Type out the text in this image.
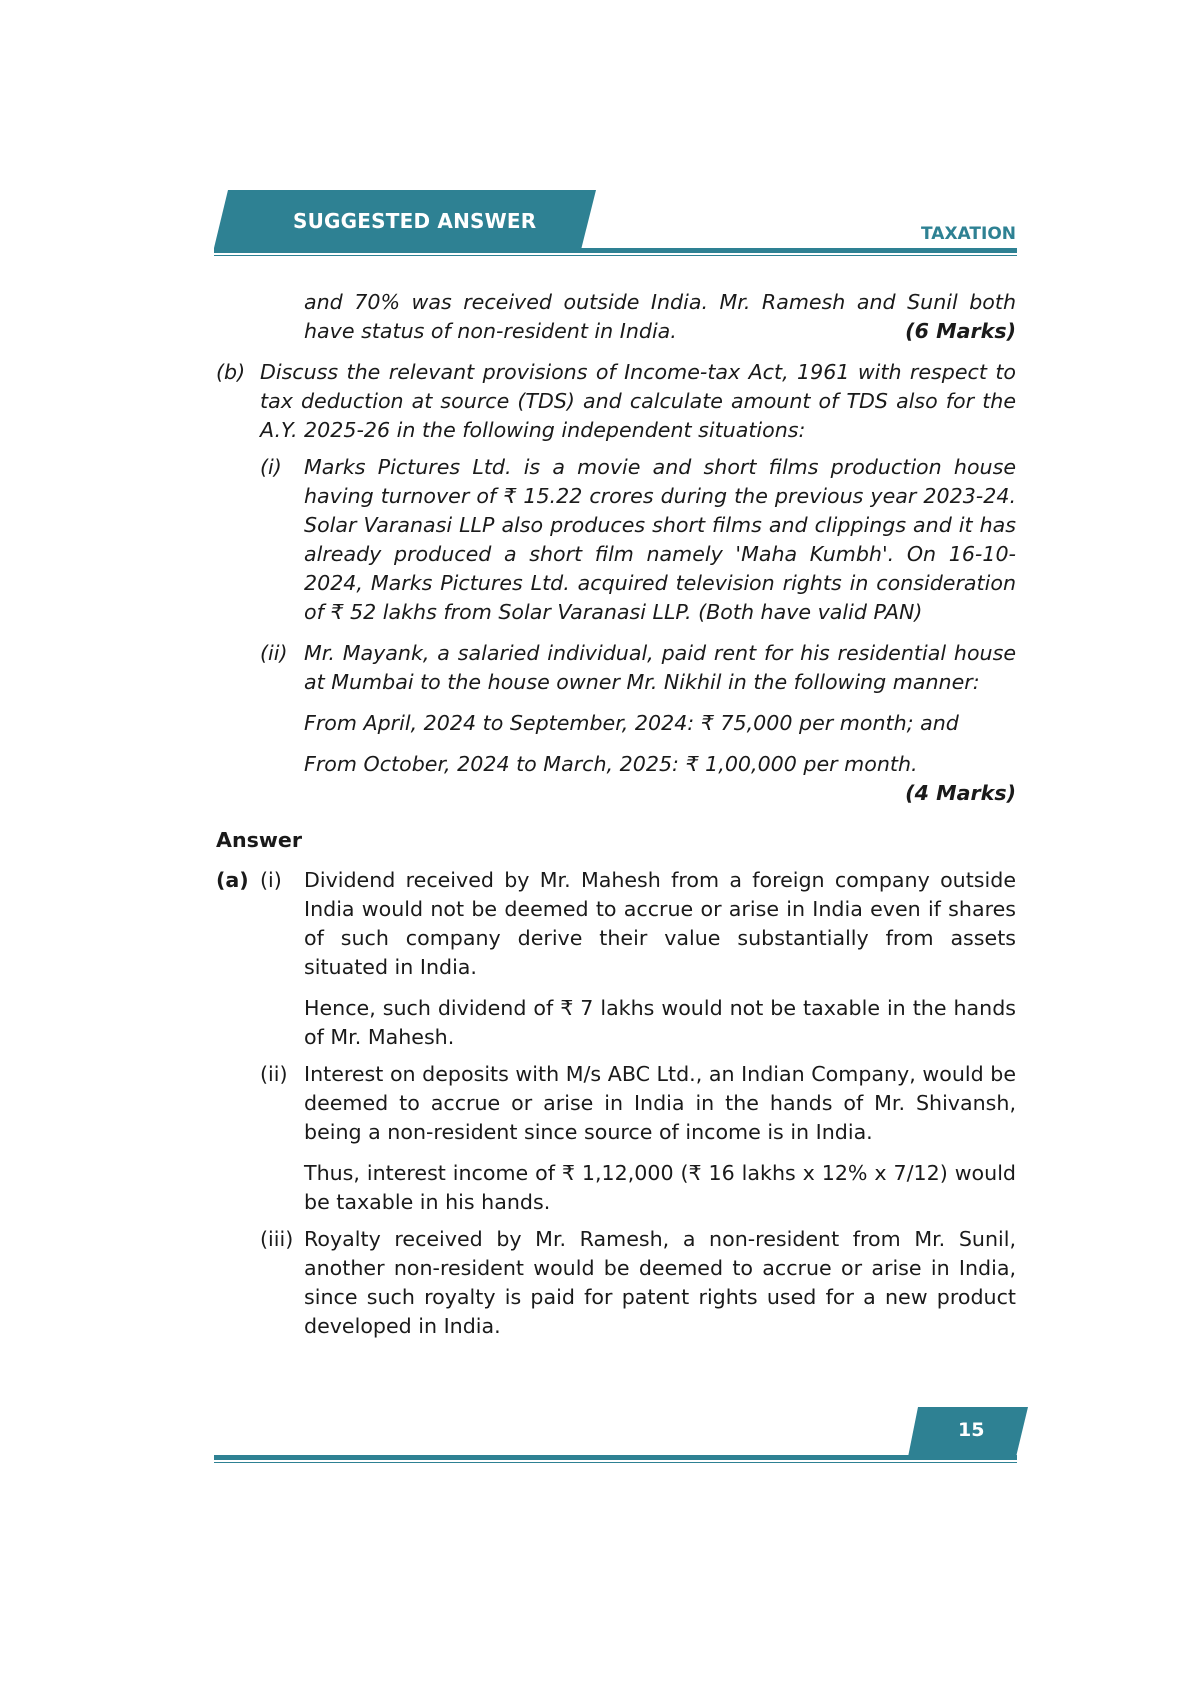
SUGGESTED ANSWER
TAXATION
and 70% was received outside India. Mr. Ramesh and Sunil both have status of non-resident in India.	(6 Marks)
(b) Discuss the relevant provisions of Income-tax Act, 1961 with respect to tax deduction at source (TDS) and calculate amount of TDS also for the A.Y. 2025-26 in the following independent situations:
(i)	Marks Pictures Ltd. is a movie and short films production house having turnover of ₹ 15.22 crores during the previous year 2023-24. Solar Varanasi LLP also produces short films and clippings and it has already produced a short film namely 'Maha Kumbh'. On 16-10-2024, Marks Pictures Ltd. acquired television rights in consideration of ₹ 52 lakhs from Solar Varanasi LLP. (Both have valid PAN)
(ii) Mr. Mayank, a salaried individual, paid rent for his residential house at Mumbai to the house owner Mr. Nikhil in the following manner:

From April, 2024 to September, 2024: ₹ 75,000 per month; and

From October, 2024 to March, 2025: ₹ 1,00,000 per month.
(4 Marks)

Answer
(a) (i)	Dividend received by Mr. Mahesh from a foreign company outside India would not be deemed to accrue or arise in India even if shares of such company derive their value substantially from assets situated in India.

Hence, such dividend of ₹ 7 lakhs would not be taxable in the hands of Mr. Mahesh.

(ii) Interest on deposits with M/s ABC Ltd., an Indian Company, would be deemed to accrue or arise in India in the hands of Mr. Shivansh, being a non-resident since source of income is in India.

Thus, interest income of ₹ 1,12,000 (₹ 16 lakhs x 12% x 7/12) would be taxable in his hands.

(iii) Royalty received by Mr. Ramesh, a non-resident from Mr. Sunil, another non-resident would be deemed to accrue or arise in India, since such royalty is paid for patent rights used for a new product developed in India.

15
